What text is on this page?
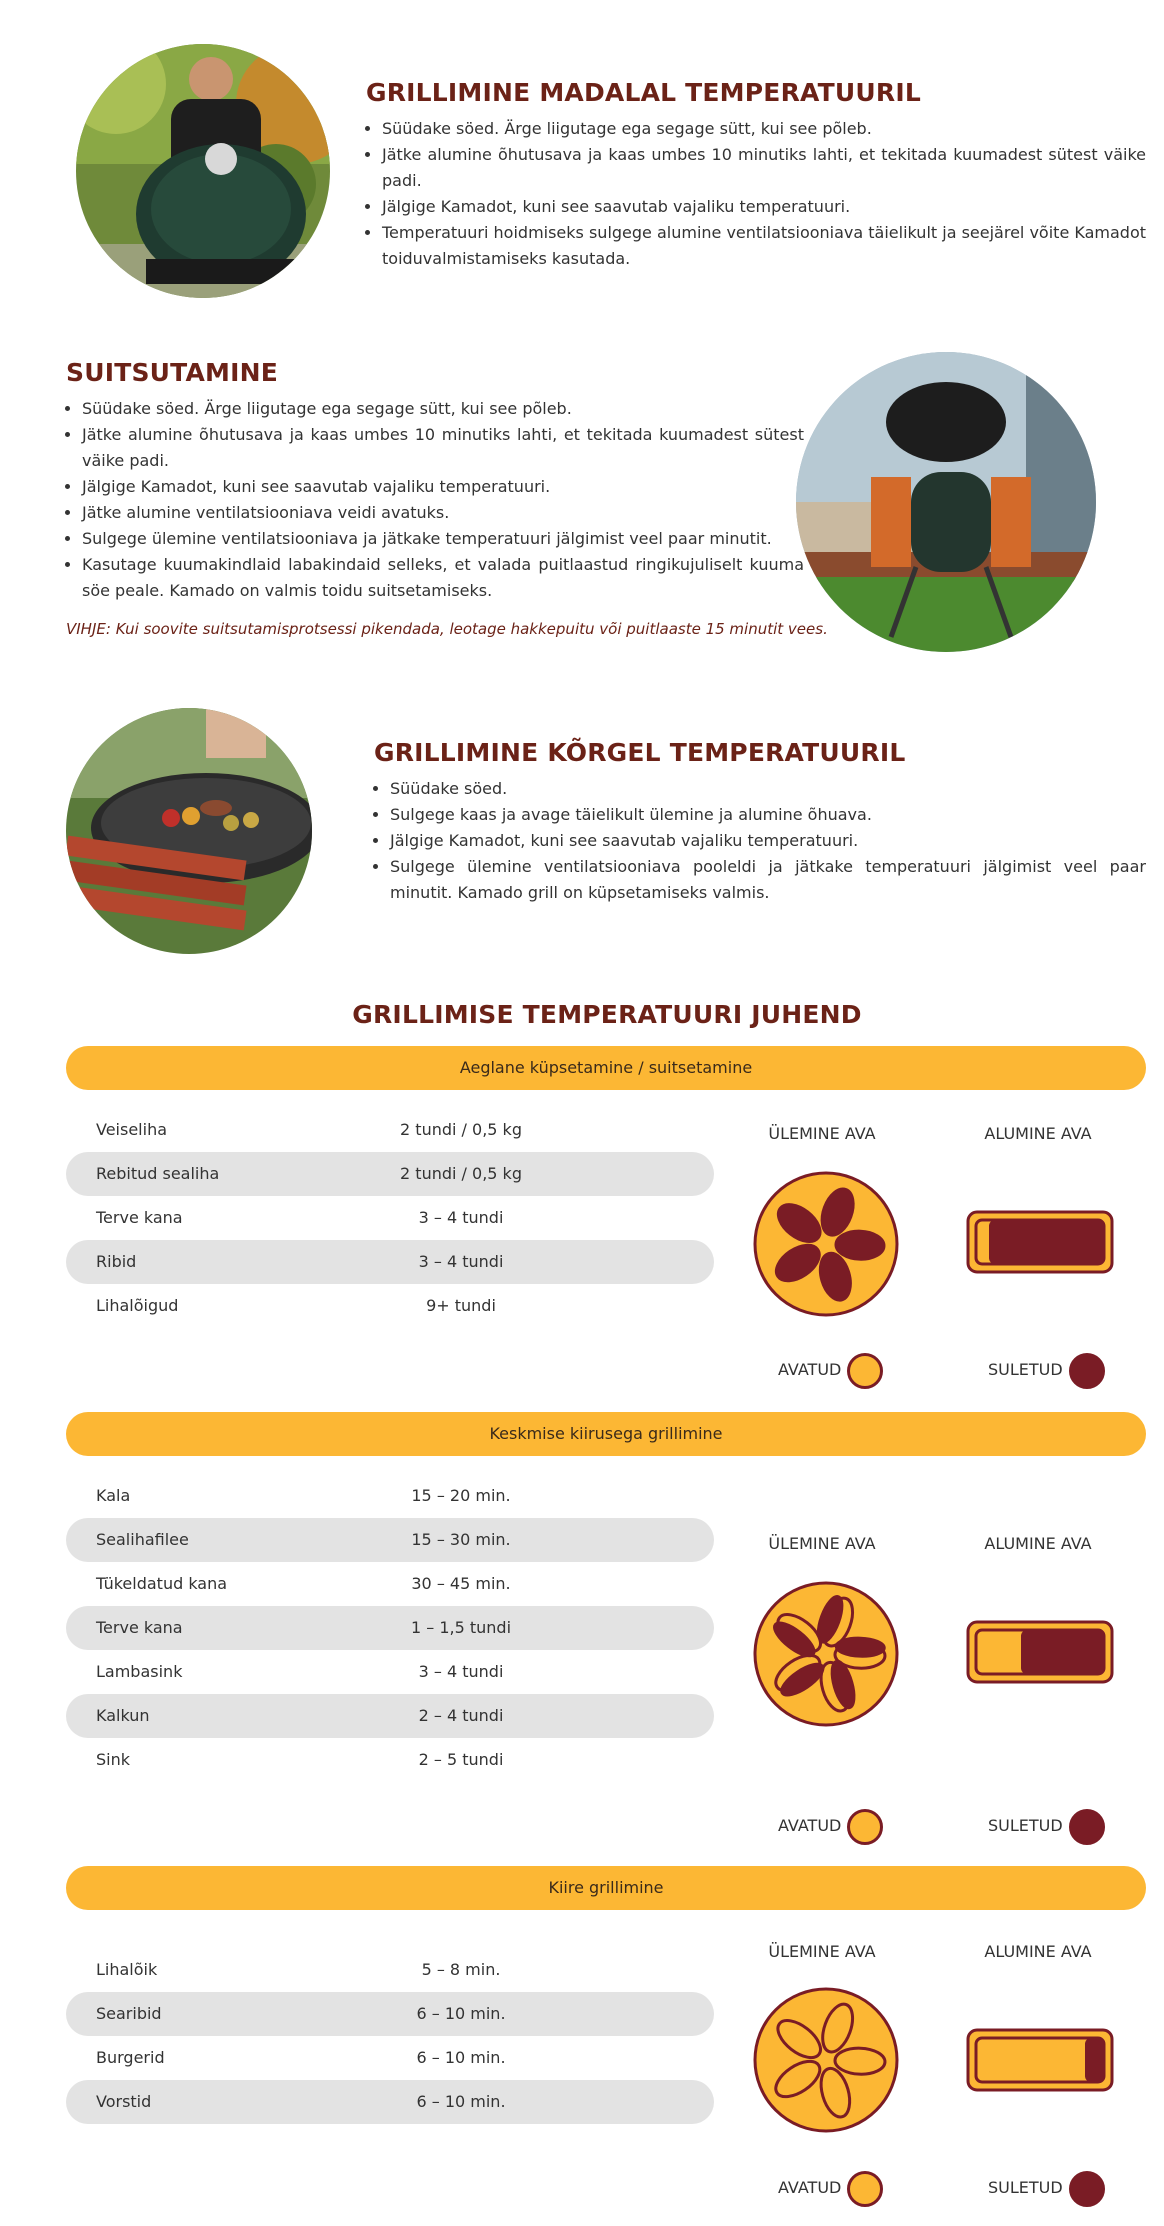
GRILLIMINE MADALAL TEMPERATUURIL
• Süüdake söed. Ärge liigutage ega segage sütt, kui see põleb.
• Jätke alumine õhutusava ja kaas umbes 10 minutiks lahti, et tekitada kuumadest sütest väike padi.
• Jälgige Kamadot, kuni see saavutab vajaliku temperatuuri.
• Temperatuuri hoidmiseks sulgege alumine ventilatsiooniava täielikult ja seejärel võite Kamadot toiduvalmistamiseks kasutada.
SUITSUTAMINE
• Süüdake söed. Ärge liigutage ega segage sütt, kui see põleb.
• Jätke alumine õhutusava ja kaas umbes 10 minutiks lahti, et tekitada kuumadest sütest väike padi.
• Jälgige Kamadot, kuni see saavutab vajaliku temperatuuri.
• Jätke alumine ventilatsiooniava veidi avatuks.
• Sulgege ülemine ventilatsiooniava ja jätkake temperatuuri jälgimist veel paar minutit.
• Kasutage kuumakindlaid labakindaid selleks, et valada puitlaastud ringikujuliselt kuuma söe peale. Kamado on valmis toidu suitsetamiseks.
VIHJE: Kui soovite suitsutamisprotsessi pikendada, leotage hakkepuitu või puitlaaste 15 minutit vees.
GRILLIMINE KÕRGEL TEMPERATUURIL
• Süüdake söed.
• Sulgege kaas ja avage täielikult ülemine ja alumine õhuava.
• Jälgige Kamadot, kuni see saavutab vajaliku temperatuuri.
• Sulgege ülemine ventilatsiooniava pooleldi ja jätkake temperatuuri jälgimist veel paar minutit. Kamado grill on küpsetamiseks valmis.
GRILLIMISE TEMPERATUURI JUHEND
Aeglane küpsetamine / suitsetamine
Veiseliha	2 tundi / 0,5 kg
Rebitud sealiha	2 tundi / 0,5 kg
Terve kana	3 – 4 tundi
Ribid	3 – 4 tundi
Lihalõigud	9+ tundi
ÜLEMINE AVA	ALUMINE AVA
AVATUD	SULETUD
Keskmise kiirusega grillimine
Kala	15 – 20 min.
Sealihafilee	15 – 30 min.
Tükeldatud kana	30 – 45 min.
Terve kana	1 – 1,5 tundi
Lambasink	3 – 4 tundi
Kalkun	2 – 4 tundi
Sink	2 – 5 tundi
ÜLEMINE AVA	ALUMINE AVA
AVATUD	SULETUD
Kiire grillimine
Lihalõik	5 – 8 min.
Searibid	6 – 10 min.
Burgerid	6 – 10 min.
Vorstid	6 – 10 min.
ÜLEMINE AVA	ALUMINE AVA
AVATUD	SULETUD
